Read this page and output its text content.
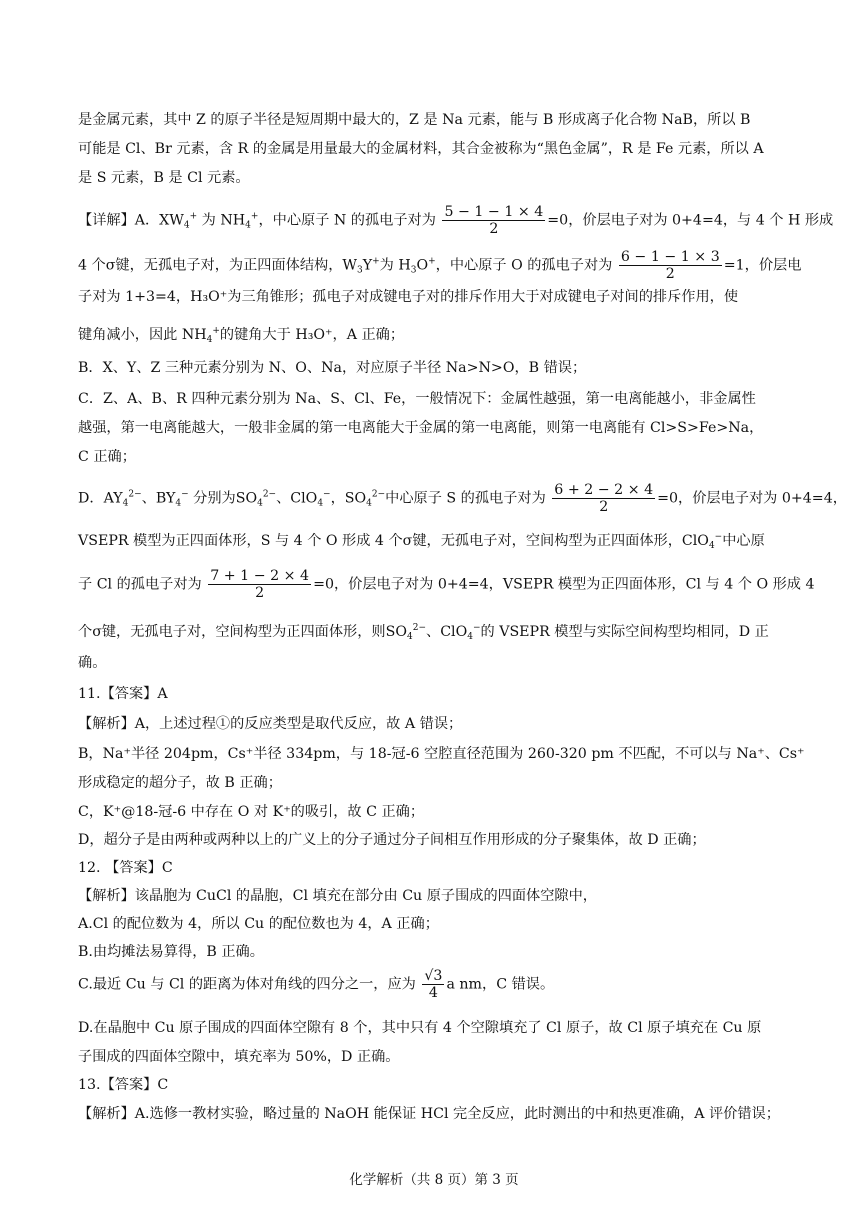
是金属元素，其中 Z 的原子半径是短周期中最大的，Z 是 Na 元素，能与 B 形成离子化合物 NaB，所以 B
可能是 Cl、Br 元素，含 R 的金属是用量最大的金属材料，其合金被称为“黑色金属”，R 是 Fe 元素，所以 A
是 S 元素，B 是 Cl 元素。
【详解】A．$XW_4^+$ 为 $NH_4^+$，中心原子 N 的孤电子对为 $\frac{5 - 1 - 1 \times 4}{2} =0$，价层电子对为 0+4=4，与 4 个 H 形成
4 个σ键，无孤电子对，为正四面体结构，$W_3Y^+$为 $H_3O^+$，中心原子 O 的孤电子对为 $\frac{6 - 1 - 1 \times 3}{2} =1$，价层电
子对为 1+3=4，H₃O⁺为三角锥形；孤电子对成键电子对的排斥作用大于对成键电子对间的排斥作用，使
键角减小，因此 $NH_4^+$的键角大于 H₃O⁺，A 正确；
B．X、Y、Z 三种元素分别为 N、O、Na，对应原子半径 Na>N>O，B 错误；
C．Z、A、B、R 四种元素分别为 Na、S、Cl、Fe，一般情况下：金属性越强，第一电离能越小，非金属性
越强，第一电离能越大，一般非金属的第一电离能大于金属的第一电离能，则第一电离能有 Cl>S>Fe>Na，
C 正确；
D．$AY_4^{2-}$、$BY_4^-$ 分别为$SO_4^{2-}$、ClO$_4$−，$SO_4^{2-}$中心原子 S 的孤电子对为 $\frac{6 + 2 - 2 \times 4}{2} =0$，价层电子对为 0+4=4，
VSEPR 模型为正四面体形，S 与 4 个 O 形成 4 个σ键，无孤电子对，空间构型为正四面体形，ClO$_4$−中心原
子 Cl 的孤电子对为 $\frac{7 + 1 - 2 \times 4}{2} =0$，价层电子对为 0+4=4，VSEPR 模型为正四面体形，Cl 与 4 个 O 形成 4
个σ键，无孤电子对，空间构型为正四面体形，则$SO_4^{2-}$、ClO$_4$−的 VSEPR 模型与实际空间构型均相同，D 正
确。
11.【答案】A
【解析】A，上述过程①的反应类型是取代反应，故 A 错误；
B，Na⁺半径 204pm，Cs⁺半径 334pm，与 18-冠-6 空腔直径范围为 260-320 pm 不匹配，不可以与 Na⁺、Cs⁺
形成稳定的超分子，故 B 正确；
C，K⁺@18-冠-6 中存在 O 对 K⁺的吸引，故 C 正确；
D，超分子是由两种或两种以上的广义上的分子通过分子间相互作用形成的分子聚集体，故 D 正确；
12. 【答案】C
【解析】该晶胞为 CuCl 的晶胞，Cl 填充在部分由 Cu 原子围成的四面体空隙中，
A.Cl 的配位数为 4，所以 Cu 的配位数也为 4，A 正确；
B.由均摊法易算得，B 正确。
C.最近 Cu 与 Cl 的距离为体对角线的四分之一，应为 $\frac{√3}{4}$ a nm，C 错误。
D.在晶胞中 Cu 原子围成的四面体空隙有 8 个，其中只有 4 个空隙填充了 Cl 原子，故 Cl 原子填充在 Cu 原
子围成的四面体空隙中，填充率为 50%，D 正确。
13.【答案】C
【解析】A.选修一教材实验，略过量的 NaOH 能保证 HCl 完全反应，此时测出的中和热更准确，A 评价错误；
化学解析（共 8 页）第 3 页
